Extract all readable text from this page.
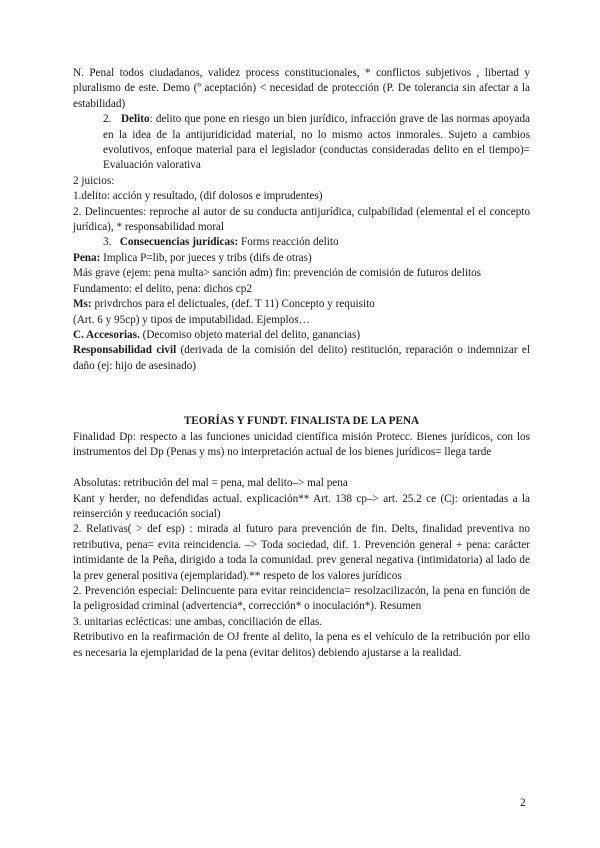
N. Penal todos ciudadanos, validez process constitucionales, * conflictos subjetivos , libertad y pluralismo de este. Demo (º aceptación) < necesidad de protección (P. De tolerancia sin afectar a la estabilidad)

2. Delito: delito que pone en riesgo un bien jurídico, infracción grave de las normas apoyada en la idea de la antijuridicidad material, no lo mismo actos inmorales. Sujeto a cambios evolutivos, enfoque material para el legislador (conductas consideradas delito en el tiempo)= Evaluación valorativa

2 juicios:

1.delito: acción y resultado, (dif dolosos e imprudentes)

2. Delincuentes: reproche al autor de su conducta antijurídica, culpabilidad (elemental el el concepto jurídica), * responsabilidad moral

3. Consecuencias jurídicas: Forms reacción delito

Pena: Implica P=lib, por jueces y tribs (difs de otras)

Más grave (ejem: pena multa> sanción adm) fin: prevención de comisión de futuros delitos

Fundamento: el delito, pena: dichos cp2

Ms: privdrchos para el delictuales, (def. T 11) Concepto y requisito

(Art. 6 y 95cp) y tipos de imputabilidad. Ejemplos…

C. Accesorias. (Decomiso objeto material del delito, ganancias)

Responsabilidad civil (derivada de la comisión del delito) restitución, reparación o indemnizar el daño (ej: hijo de asesinado)

TEORÍAS Y FUNDT. FINALISTA DE LA PENA

Finalidad Dp: respecto a las funciones unicidad científica misión Protecc. Bienes jurídicos, con los instrumentos del Dp (Penas y ms) no interpretación actual de los bienes jurídicos= llega tarde

Absolutas: retribución del mal = pena, mal delito–> mal pena

Kant y herder, no defendidas actual. explicación** Art. 138 cp–> art. 25.2 ce (Cj: orientadas a la reinserción y reeducación social)

2. Relativas( > def esp) : mirada al futuro para prevención de fin. Delts, finalidad preventiva no retributiva, pena= evita reincidencia. –> Toda sociedad, dif. 1. Prevención general + pena: carácter intimidante de la Peña, dirigido a toda la comunidad. prev general negativa (intimidatoria) al lado de la prev general positiva (ejemplaridad).** respeto de los valores jurídicos

2. Prevención especial: Delincuente para evitar reincidencia= resolzacilizacón, la pena en función de la peligrosidad criminal (advertencia*, corrección* o inoculación*). Resumen

3. unitarias eclécticas: une ambas, conciliación de ellas.

Retributivo en la reafirmación de OJ frente al delito, la pena es el vehículo de la retribución por ello es necesaria la ejemplaridad de la pena (evitar delitos) debiendo ajustarse a la realidad.

2
